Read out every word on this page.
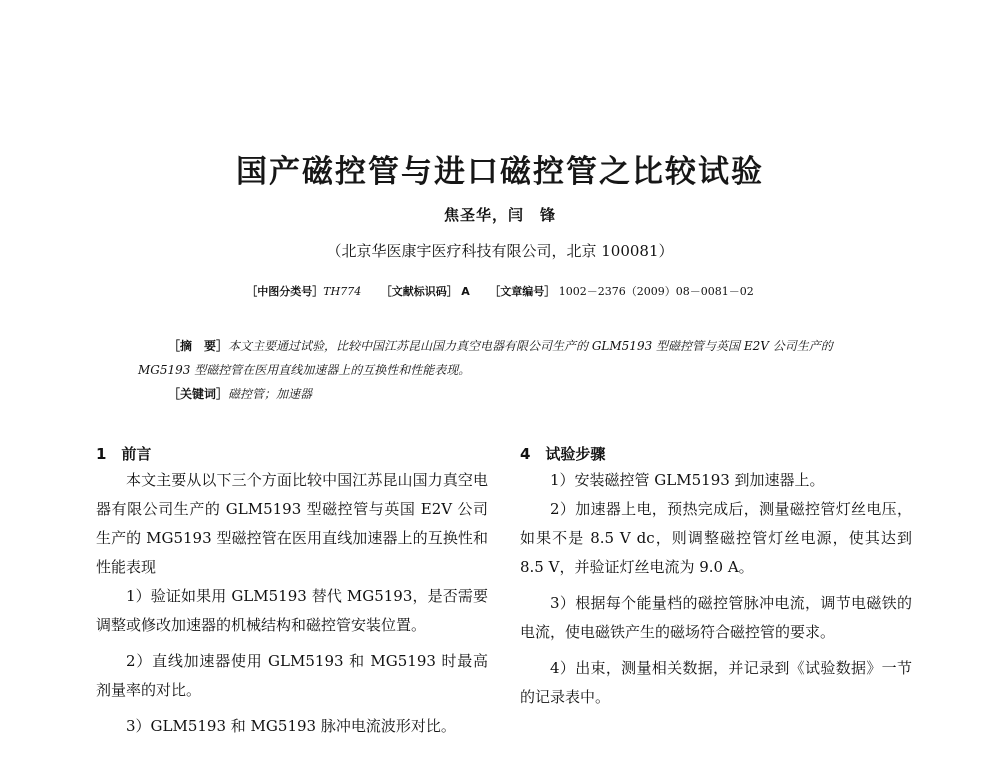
国产磁控管与进口磁控管之比较试验
焦圣华，闫　锋
（北京华医康宇医疗科技有限公司，北京 100081）
［中图分类号］TH774 ［文献标识码］ A ［文章编号］ 1002－2376（2009）08－0081－02

［摘　要］本文主要通过试验，比较中国江苏昆山国力真空电器有限公司生产的 GLM5193 型磁控管与英国 E2V 公司生产的 MG5193 型磁控管在医用直线加速器上的互换性和性能表现。

［关键词］磁控管；加速器

1　前言

本文主要从以下三个方面比较中国江苏昆山国力真空电器有限公司生产的 GLM5193 型磁控管与英国 E2V 公司生产的 MG5193 型磁控管在医用直线加速器上的互换性和性能表现

1）验证如果用 GLM5193 替代 MG5193，是否需要调整或修改加速器的机械结构和磁控管安装位置。

2）直线加速器使用 GLM5193 和 MG5193 时最高剂量率的对比。

3）GLM5193 和 MG5193 脉冲电流波形对比。

4　试验步骤

1）安装磁控管 GLM5193 到加速器上。

2）加速器上电，预热完成后，测量磁控管灯丝电压，如果不是 8.5 V dc，则调整磁控管灯丝电源，使其达到 8.5 V，并验证灯丝电流为 9.0 A。

3）根据每个能量档的磁控管脉冲电流，调节电磁铁的电流，使电磁铁产生的磁场符合磁控管的要求。

4）出束，测量相关数据，并记录到《试验数据》一节的记录表中。
